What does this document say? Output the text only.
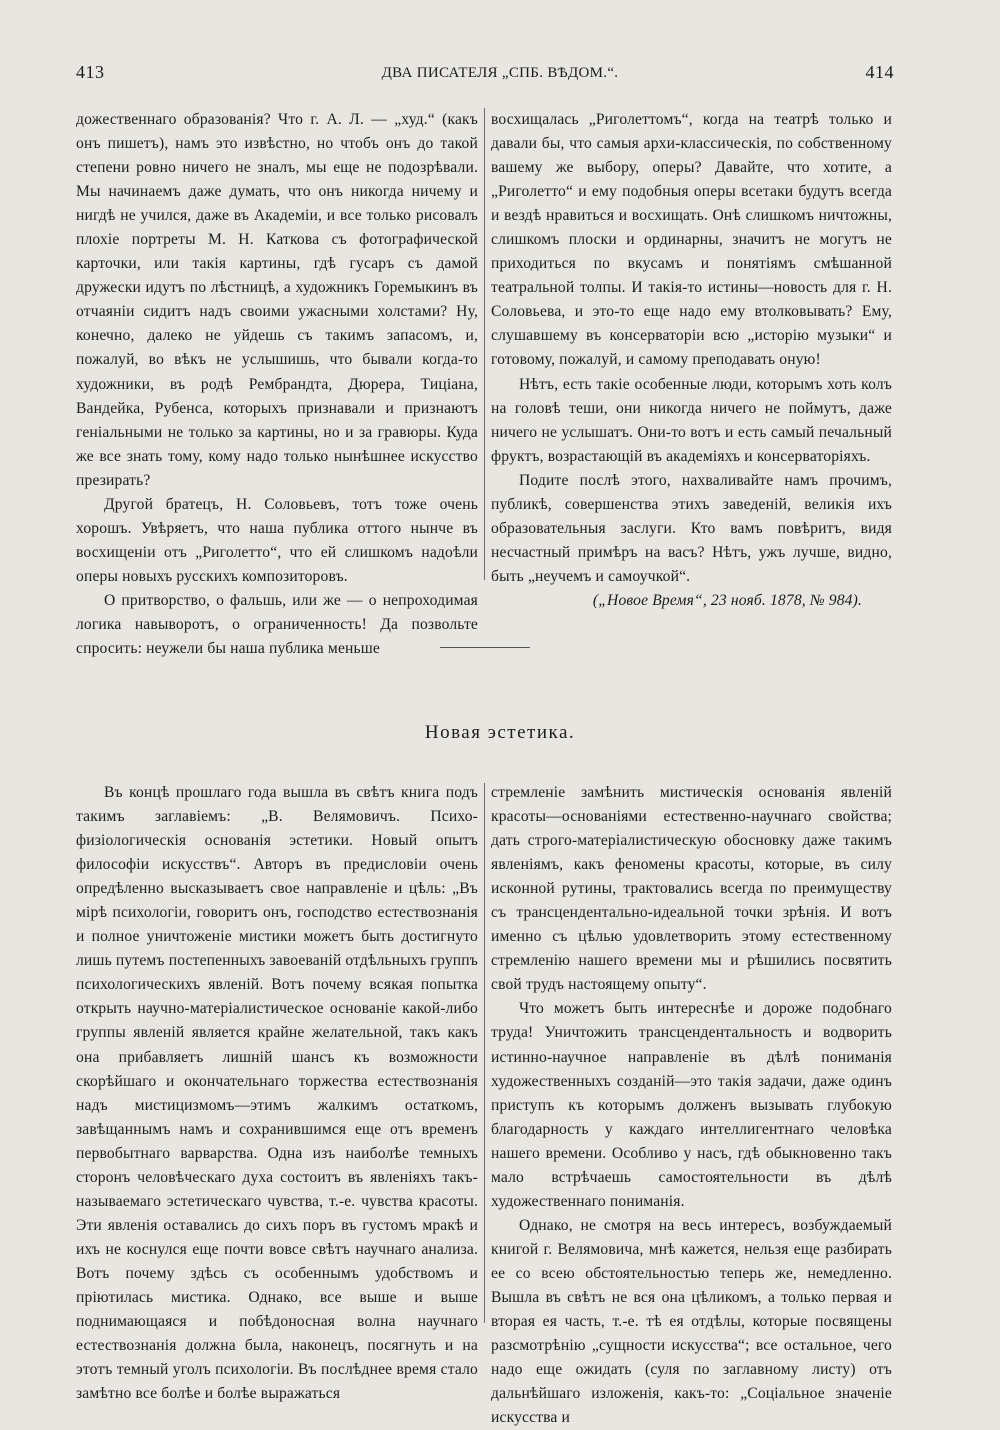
413	ДВА ПИСАТЕЛЯ „СПБ. ВѢДОМ.“.	414

дожественнаго образованія? Что г. А. Л. — „худ.“ (какъ онъ пишетъ), намъ это извѣстно, но чтобъ онъ до такой степени ровно ничего не зналъ, мы еще не подозрѣвали. Мы начинаемъ даже думать, что онъ никогда ничему и нигдѣ не учился, даже въ Академіи, и все только рисовалъ плохіе портреты М. Н. Каткова съ фотографической карточки, или такія картины, гдѣ гусаръ съ дамой дружески идутъ по лѣстницѣ, а художникъ Горемыкинъ въ отчаяніи сидитъ надъ своими ужасными холстами? Ну, конечно, далеко не уйдешь съ такимъ запасомъ, и, пожалуй, во вѣкъ не услышишь, что бывали когда-то художники, въ родѣ Рембрандта, Дюрера, Тиціана, Вандейка, Рубенса, которыхъ признавали и признаютъ геніальными не только за картины, но и за гравюры. Куда же все знать тому, кому надо только нынѣшнее искусство презирать?

Другой братецъ, Н. Соловьевъ, тотъ тоже очень хорошъ. Увѣряетъ, что наша публика оттого нынче въ восхищеніи отъ „Риголетто“, что ей слишкомъ надоѣли оперы новыхъ русскихъ композиторовъ.

О притворство, о фальшь, или же — о непроходимая логика навыворотъ, о ограниченность! Да позвольте спросить: неужели бы наша публика меньше

восхищалась „Риголеттомъ“, когда на театрѣ только и давали бы, что самыя архи-классическія, по собственному вашему же выбору, оперы? Давайте, что хотите, а „Риголетто“ и ему подобныя оперы всетаки будутъ всегда и вездѣ нравиться и восхищать. Онѣ слишкомъ ничтожны, слишкомъ плоски и ординарны, значитъ не могутъ не приходиться по вкусамъ и понятіямъ смѣшанной театральной толпы. И такія-то истины—новость для г. Н. Соловьева, и это-то еще надо ему втолковывать? Ему, слушавшему въ консерваторіи всю „исторію музыки“ и готовому, пожалуй, и самому преподавать оную!

Нѣтъ, есть такіе особенные люди, которымъ хоть колъ на головѣ теши, они никогда ничего не поймутъ, даже ничего не услышатъ. Они-то вотъ и есть самый печальный фруктъ, возрастающій въ академіяхъ и консерваторіяхъ.

Подите послѣ этого, нахваливайте намъ прочимъ, публикѣ, совершенства этихъ заведеній, великія ихъ образовательныя заслуги. Кто вамъ повѣритъ, видя несчастный примѣръ на васъ? Нѣтъ, ужъ лучше, видно, быть „неучемъ и самоучкой“.

(„Новое Время“, 23 нояб. 1878, № 984).

Новая эстетика.

Въ концѣ прошлаго года вышла въ свѣтъ книга подъ такимъ заглавіемъ: „В. Велямовичъ. Психо-физіологическія основанія эстетики. Новый опытъ философіи искусствъ“. Авторъ въ предисловіи очень опредѣленно высказываетъ свое направленіе и цѣль: „Въ мірѣ психологіи, говоритъ онъ, господство естествознанія и полное уничтоженіе мистики можетъ быть достигнуто лишь путемъ постепенныхъ завоеваній отдѣльныхъ группъ психологическихъ явленій. Вотъ почему всякая попытка открыть научно-матеріалистическое основаніе какой-либо группы явленій является крайне желательной, такъ какъ она прибавляетъ лишній шансъ къ возможности скорѣйшаго и окончательнаго торжества естествознанія надъ мистицизмомъ—этимъ жалкимъ остаткомъ, завѣщаннымъ намъ и сохранившимся еще отъ временъ первобытнаго варварства. Одна изъ наиболѣе темныхъ сторонъ человѣческаго духа состоитъ въ явленіяхъ такъ-называемаго эстетическаго чувства, т.-е. чувства красоты. Эти явленія оставались до сихъ поръ въ густомъ мракѣ и ихъ не коснулся еще почти вовсе свѣтъ научнаго анализа. Вотъ почему здѣсь съ особеннымъ удобствомъ и пріютилась мистика. Однако, все выше и выше поднимающаяся и побѣдоносная волна научнаго естествознанія должна была, наконецъ, посягнуть и на этотъ темный уголъ психологіи. Въ послѣднее время стало замѣтно все болѣе и болѣе выражаться

стремленіе замѣнить мистическія основанія явленій красоты—основаніями естественно-научнаго свойства; дать строго-матеріалистическую обосновку даже такимъ явленіямъ, какъ феномены красоты, которые, въ силу исконной рутины, трактовались всегда по преимуществу съ трансцендентально-идеальной точки зрѣнія. И вотъ именно съ цѣлью удовлетворить этому естественному стремленію нашего времени мы и рѣшились посвятить свой трудъ настоящему опыту“.

Что можетъ быть интереснѣе и дороже подобнаго труда! Уничтожить трансцендентальность и водворить истинно-научное направленіе въ дѣлѣ пониманія художественныхъ созданій—это такія задачи, даже одинъ приступъ къ которымъ долженъ вызывать глубокую благодарность у каждаго интеллигентнаго человѣка нашего времени. Особливо у насъ, гдѣ обыкновенно такъ мало встрѣчаешь самостоятельности въ дѣлѣ художественнаго пониманія.

Однако, не смотря на весь интересъ, возбуждаемый книгой г. Велямовича, мнѣ кажется, нельзя еще разбирать ее со всею обстоятельностью теперь же, немедленно. Вышла въ свѣтъ не вся она цѣликомъ, а только первая и вторая ея часть, т.-е. тѣ ея отдѣлы, которые посвящены разсмотрѣнію „сущности искусства“; все остальное, чего надо еще ожидать (суля по заглавному листу) отъ дальнѣйшаго изложенія, какъ-то: „Соціальное значеніе искусства и
